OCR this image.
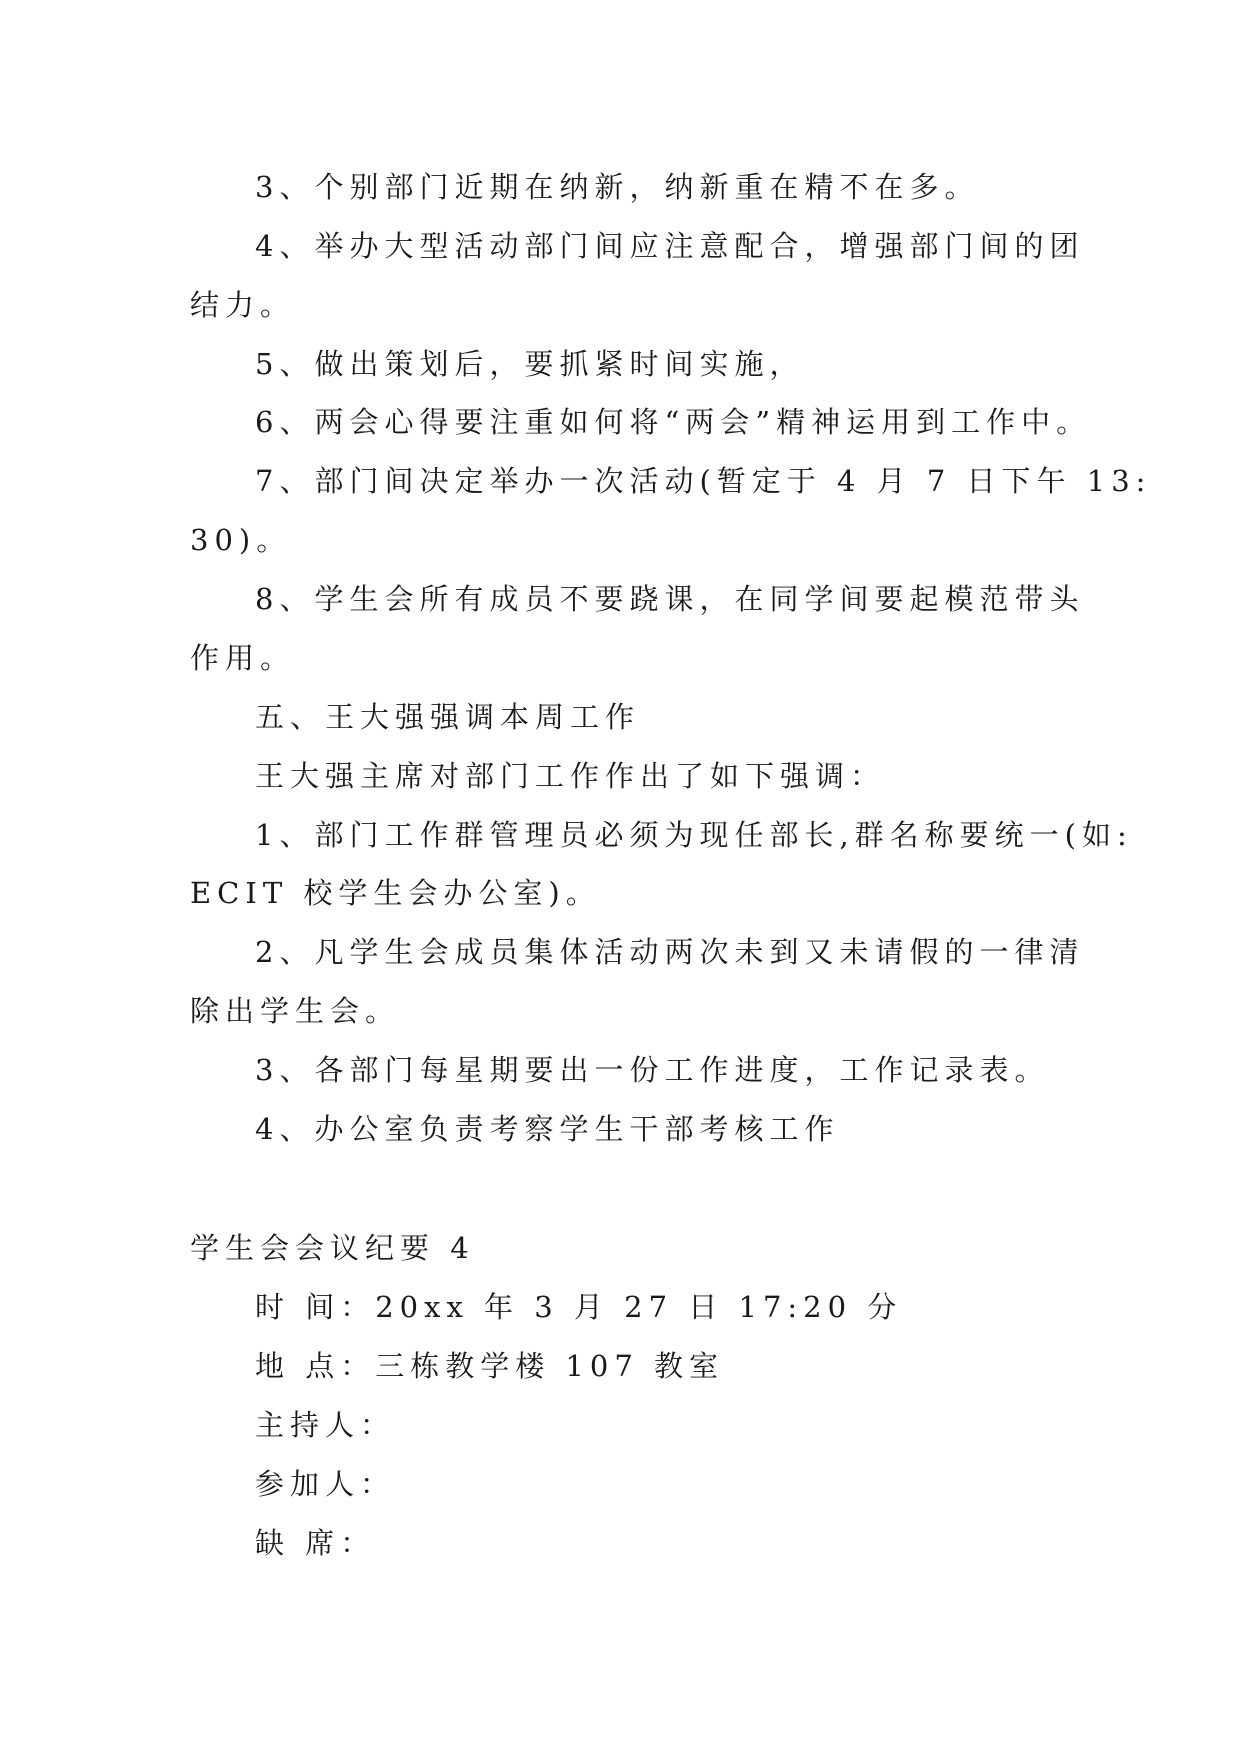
3、个别部门近期在纳新，纳新重在精不在多。
4、举办大型活动部门间应注意配合，增强部门间的团
结力。
5、做出策划后，要抓紧时间实施，
6、两会心得要注重如何将“两会”精神运用到工作中。
7、部门间决定举办一次活动(暂定于 4 月 7 日下午 13:
30)。
8、学生会所有成员不要跷课，在同学间要起模范带头
作用。
五、王大强强调本周工作
王大强主席对部门工作作出了如下强调：
1、部门工作群管理员必须为现任部长,群名称要统一(如:
ECIT 校学生会办公室)。
2、凡学生会成员集体活动两次未到又未请假的一律清
除出学生会。
3、各部门每星期要出一份工作进度，工作记录表。
4、办公室负责考察学生干部考核工作
学生会会议纪要 4
时 间：20xx 年 3 月 27 日 17:20 分
地 点：三栋教学楼 107 教室
主持人：
参加人：
缺 席：
